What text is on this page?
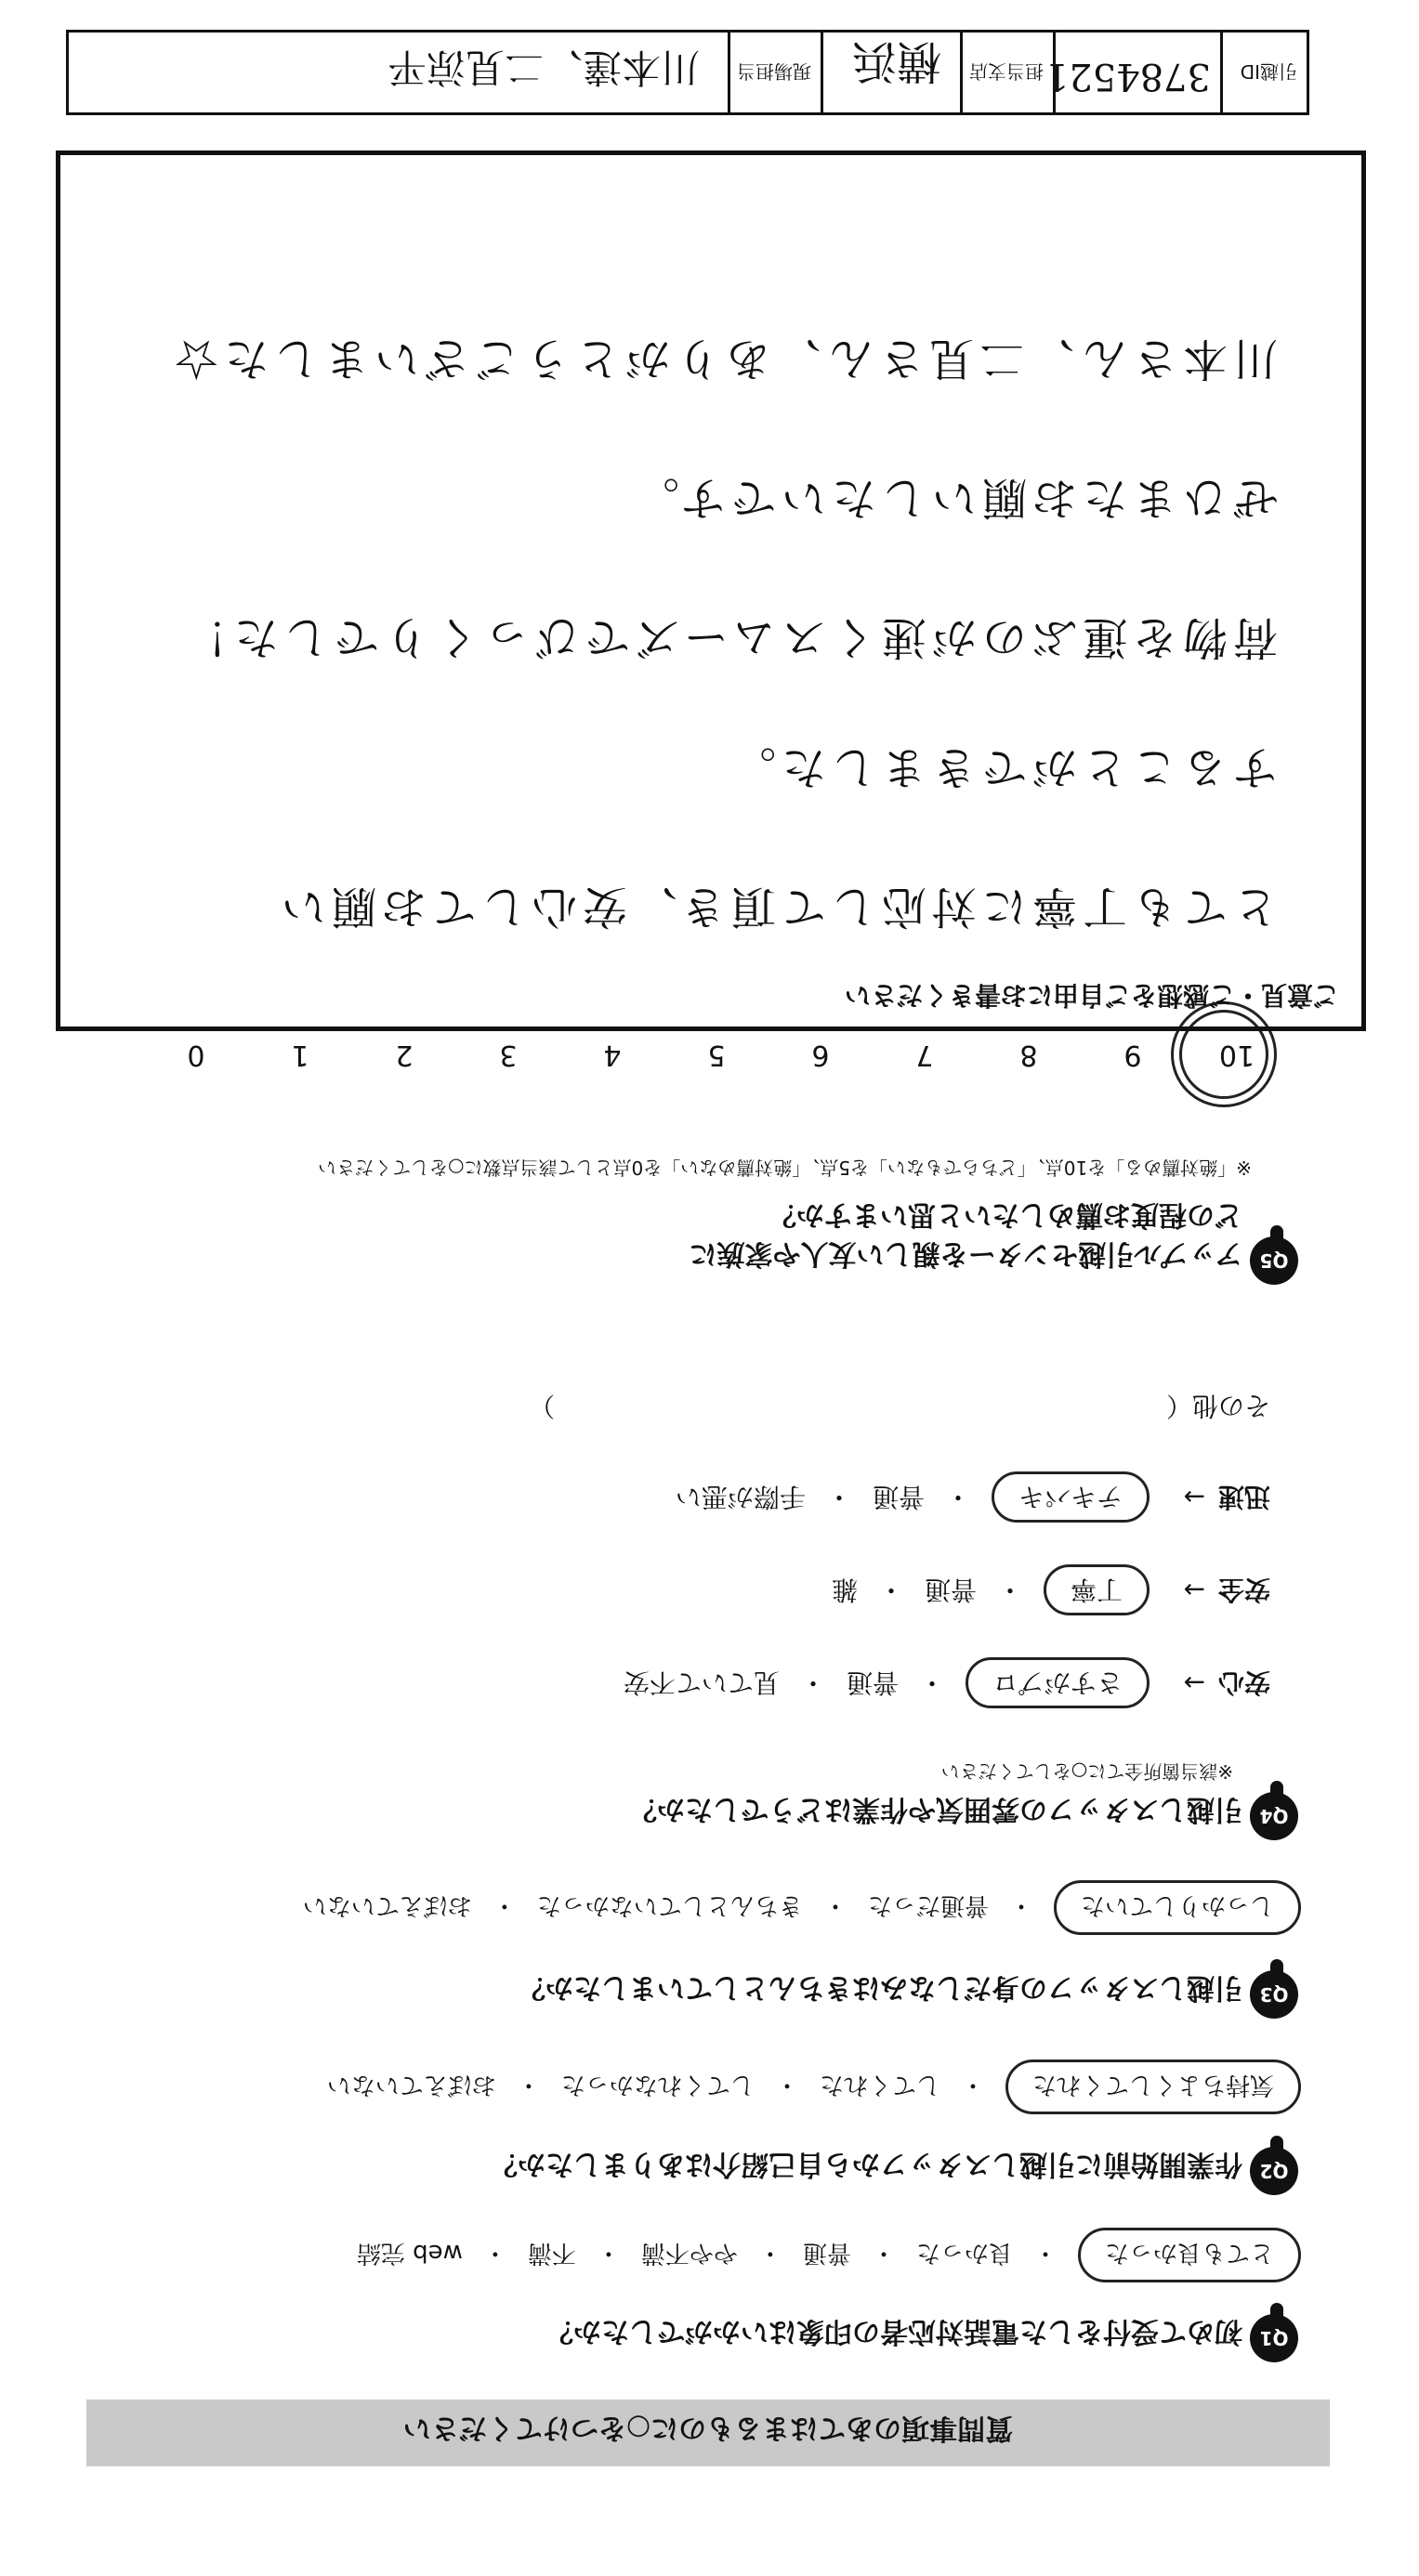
質問事項のあてはまるものに○をつけてください
Q1
初めて受付をした電話対応者の印象はいかがでしたか？
とても良かった・良かった・普通・やや不満・不満・web 完結
Q2
作業開始前に引越しスタッフから自己紹介はありましたか？
気持ちよくしてくれた・してくれた・してくれなかった・おぼえていない
Q3
引越しスタッフの身だしなみはきちんとしていましたか？
しっかりしていた・普通だった・きちんとしていなかった・おぼえていない
Q4
引越しスタッフの雰囲気や作業はどうでしたか？
※該当箇所全てに○をしてください
安心→さすがプロ・普通・見ていて不安
安全→丁寧・普通・雑
迅速→テキパキ・普通・手際が悪い
その他（  ）
Q5
アップル引越センターを親しい友人や家族に
どの程度お薦めしたいと思いますか？
※「絶対薦める」を10点、「どちらでもない」を5点、「絶対薦めない」を0点として該当点数に○をしてください
109876543210
ご意見・ご感想をご自由にお書きください
とても丁寧に対応して頂き、安心してお願い
することができました。
荷物を運ぶのが速くスムーズでびっくりでした！
ぜひまたお願いしたいです。
川本さん、二見さん、ありがとうございました☆
引越ID
3784521
担当支店
横浜
現場担当
川本達、二見涼平
